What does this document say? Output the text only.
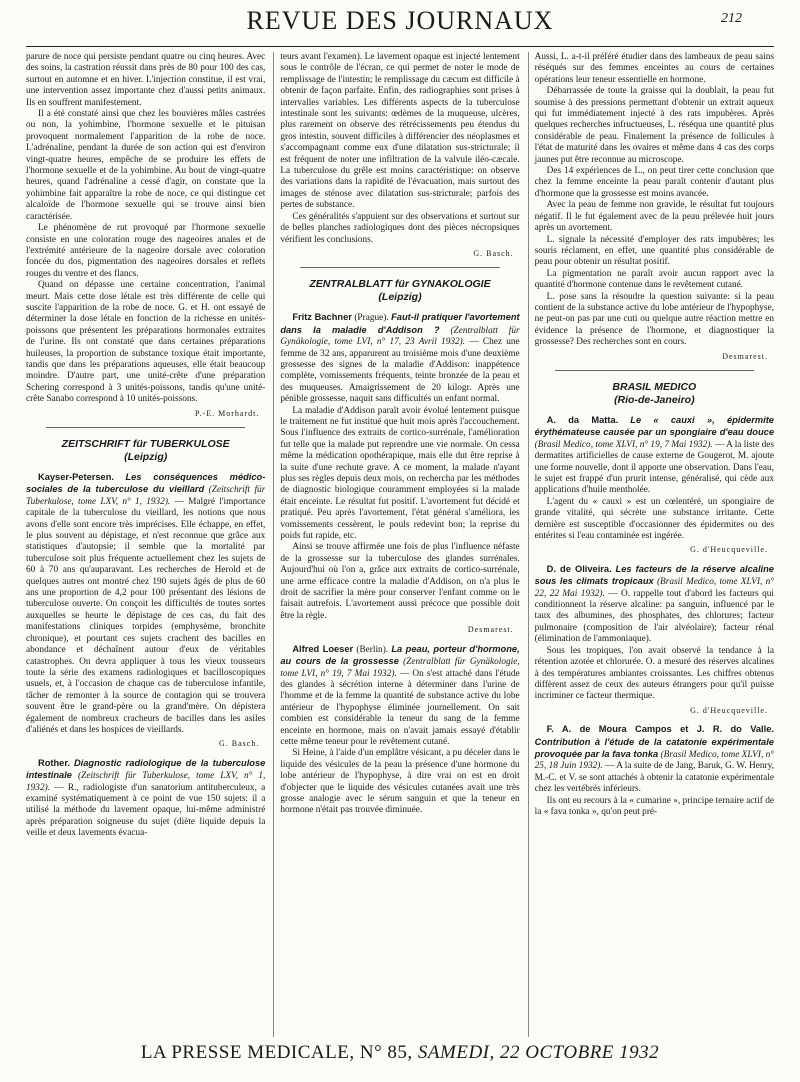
REVUE DES JOURNAUX	212

parure de noce qui persiste pendant quatre ou cinq heures. Avec des soins, la castration réussit dans près de 80 pour 100 des cas, surtout en automne et en hiver. L'injection constitue, il est vrai, une intervention assez importante chez d'aussi petits animaux. Ils en souffrent manifestement.

Il a été constaté ainsi que chez les bouvières mâles castrées ou non, la yohimbine, l'hormone sexuelle et le pituisan provoquent normalement l'apparition de la robe de noce. L'adrénaline, pendant la durée de son action qui est d'environ vingt-quatre heures, empêche de se produire les effets de l'hormone sexuelle et de la yohimbine. Au bout de vingt-quatre heures, quand l'adrénaline a cessé d'agir, on constate que la yohimbine fait apparaître la robe de noce, ce qui distingue cet alcaloïde de l'hormone sexuelle qui se trouve ainsi bien caractérisée.

Le phénomène de rut provoqué par l'hormone sexuelle consiste en une coloration rouge des nageoires anales et de l'extrémité antérieure de la nageoire dorsale avec coloration foncée du dos, pigmentation des nageoires dorsales et reflets rouges du ventre et des flancs.

Quand on dépasse une certaine concentration, l'animal meurt. Mais cette dose létale est très différente de celle qui suscite l'apparition de la robe de noce. G. et H. ont essayé de déterminer la dose létale en fonction de la richesse en unités-poissons que présentent les préparations hormonales extraites de l'urine. Ils ont constaté que dans certaines préparations huileuses, la proportion de substance toxique était importante, tandis que dans les préparations aqueuses, elle était beaucoup moindre. D'autre part, une unité-crête d'une préparation Schering correspond à 3 unités-poissons, tandis qu'une unité-crête Sanabo correspond à 10 unités-poissons.

P.-E. Morhardt.
ZEITSCHRIFT für TUBERKULOSE
(Leipzig)

Kayser-Petersen. Les conséquences médico-sociales de la tuberculose du vieillard (Zeitschrift für Tuberkulose, tome LXV, n° 1, 1932). — Malgré l'importance capitale de la tuberculose du vieillard, les notions que nous avons d'elle sont encore très imprécises. Elle échappe, en effet, le plus souvent au dépistage, et n'est reconnue que grâce aux statistiques d'autopsie; il semble que la mortalité par tuberculose soit plus fréquente actuellement chez les sujets de 60 à 70 ans qu'auparavant. Les recherches de Herold et de quelques autres ont montré chez 190 sujets âgés de plus de 60 ans une proportion de 4,2 pour 100 présentant des lésions de tuberculose ouverte. On conçoit les difficultés de toutes sortes auxquelles se heurte le dépistage de ces cas, du fait des manifestations cliniques torpides (emphysème, bronchite chronique), et pourtant ces sujets crachent des bacilles en abondance et déchaînent autour d'eux de véritables catastrophes. On devra appliquer à tous les vieux tousseurs toute la série des examens radiologiques et bacilloscopiques usuels, et, à l'occasion de chaque cas de tuberculose infantile, tâcher de remonter à la source de contagion qui se trouvera souvent être le grand-père ou la grand'mère. On dépistera également de nombreux cracheurs de bacilles dans les asiles d'aliénés et dans les hospices de vieillards.

G. Basch.

Rother. Diagnostic radiologique de la tuberculose intestinale (Zeitschrift für Tuberkulose, tome LXV, n° 1, 1932). — R., radiologiste d'un sanatorium antituberculeux, a examiné systématiquement à ce point de vue 150 sujets: il a utilisé la méthode du lavement opaque, lui-même administré après préparation soigneuse du sujet (diète liquide depuis la veille et deux lavements évacua-

teurs avant l'examen). Le lavement opaque est injecté lentement sous le contrôle de l'écran, ce qui permet de noter le mode de remplissage de l'intestin; le remplissage du cæcum est difficile à obtenir de façon parfaite. Enfin, des radiographies sont prises à intervalles variables. Les différents aspects de la tuberculose intestinale sont les suivants: œdèmes de la muqueuse, ulcères, plus rarement on observe des rétrécissements peu étendus du gros intestin, souvent difficiles à différencier des néoplasmes et s'accompagnant comme eux d'une dilatation sus-stricturale; il est fréquent de noter une infiltration de la valvule iléo-cæcale. La tuberculose du grêle est moins caractéristique: on observe des variations dans la rapidité de l'évacuation, mais surtout des images de sténose avec dilatation sus-stricturale; parfois des pertes de substance.

Ces généralités s'appuient sur des observations et surtout sur de belles planches radiologiques dont des pièces nécropsiques vérifient les conclusions.

G. Basch.
ZENTRALBLATT für GYNAKOLOGIE
(Leipzig)

Fritz Bachner (Prague). Faut-il pratiquer l'avortement dans la maladie d'Addison ? (Zentralblatt für Gynäkologie, tome LVI, n° 17, 23 Avril 1932). — Chez une femme de 32 ans, apparurent au troisième mois d'une deuxième grossesse des signes de la maladie d'Addison: inappétence complète, vomissements fréquents, teinte bronzée de la peau et des muqueuses. Amaigrissement de 20 kilogr. Après une pénible grossesse, naquit sans difficultés un enfant normal.

La maladie d'Addison paraît avoir évolué lentement puisque le traitement ne fut institué que huit mois après l'accouchement. Sous l'influence des extraits de cortico-surrénale, l'amélioration fut telle que la malade put reprendre une vie normale. On cessa même la médication opothérapique, mais elle dut être reprise à la suite d'une rechute grave. A ce moment, la malade n'ayant plus ses règles depuis deux mois, on rechercha par les méthodes de diagnostic biologique couramment employées si la malade était enceinte. Le résultat fut positif. L'avortement fut décidé et pratiqué. Peu après l'avortement, l'état général s'améliora, les vomissements cessèrent, le pouls redevint bon; la reprise du poids fut rapide, etc.

Ainsi se trouve affirmée une fois de plus l'influence néfaste de la grossesse sur la tuberculose des glandes surrénales. Aujourd'hui où l'on a, grâce aux extraits de cortico-surrénale, une arme efficace contre la maladie d'Addison, on n'a plus le droit de sacrifier la mère pour conserver l'enfant comme on le faisait autrefois. L'avortement aussi précoce que possible doit être la règle.

Desmarest.

Alfred Loeser (Berlin). La peau, porteur d'hormone, au cours de la grossesse (Zentralblatt für Gynäkologie, tome LVI, n° 19, 7 Mai 1932). — On s'est attaché dans l'étude des glandes à sécrétion interne à déterminer dans l'urine de l'homme et de la femme la quantité de substance active du lobe antérieur de l'hypophyse éliminée journellement. On sait combien est considérable la teneur du sang de la femme enceinte en hormone, mais on n'avait jamais essayé d'établir cette même teneur pour le revêtement cutané.

Si Heine, à l'aide d'un emplâtre vésicant, a pu déceler dans le liquide des vésicules de la peau la présence d'une hormone du lobe antérieur de l'hypophyse, à dire vrai on est en droit d'objecter que le liquide des vésicules cutanées avait une très grosse analogie avec le sérum sanguin et que la teneur en hormone n'était pas trouvée diminuée.

Aussi, L. a-t-il préféré étudier dans des lambeaux de peau sains réséqués sur des femmes enceintes au cours de certaines opérations leur teneur essentielle en hormone.

Débarrassée de toute la graisse qui la doublait, la peau fut soumise à des pressions permettant d'obtenir un extrait aqueux qui fut immédiatement injecté à des rats impubères. Après quelques recherches infructueuses, L. réséqua une quantité plus considérable de peau. Finalement la présence de follicules à l'état de maturité dans les ovaires et même dans 4 cas des corps jaunes put être reconnue au microscope.

Des 14 expériences de L., on peut tirer cette conclusion que chez la femme enceinte la peau paraît contenir d'autant plus d'hormone que la grossesse est moins avancée.

Avec la peau de femme non gravide, le résultat fut toujours négatif. Il le fut également avec de la peau prélevée huit jours après un avortement.

L. signale la nécessité d'employer des rats impubères; les souris réclament, en effet, une quantité plus considérable de peau pour obtenir un résultat positif.

La pigmentation ne paraît avoir aucun rapport avec la quantité d'hormone contenue dans le revêtement cutané.

L. pose sans la résoudre la question suivante: si la peau contient de la substance active du lobe antérieur de l'hypophyse, ne peut-on pas par une cuti ou quelque autre réaction mettre en évidence la présence de l'hormone, et diagnostiquer la grossesse? Des recherches sont en cours.

Desmarest.
BRASIL MEDICO
(Rio-de-Janeiro)

A. da Matta. Le « cauxi », épidermite érythémateuse causée par un spongiaire d'eau douce (Brasil Medico, tome XLVI, n° 19, 7 Mai 1932). — A la liste des dermatites artificielles de cause externe de Gougerot, M. ajoute une forme nouvelle, dont il apporte une observation. Dans l'eau, le sujet est frappé d'un prurit intense, généralisé, qui cède aux applications d'huile mentholée.

L'agent du « cauxi » est un cœlentéré, un spongiaire de grande vitalité, qui sécrète une substance irritante. Cette dernière est susceptible d'occasionner des épidermites ou des entérites si l'eau contaminée est ingérée.

G. d'Heucqueville.

D. de Oliveira. Les facteurs de la réserve alcaline sous les climats tropicaux (Brasil Medico, tome XLVI, n° 22, 22 Mai 1932). — O. rappelle tout d'abord les facteurs qui conditionnent la réserve alcaline: pa sanguin, influencé par le taux des albumines, des phosphates, des chlorures; facteur pulmonaire (composition de l'air alvéolaire); facteur rénal (élimination de l'ammoniaque).

Sous les tropiques, l'on avait observé la tendance à la rétention azotée et chlorurée. O. a mesuré des réserves alcalines à des températures ambiantes croissantes. Les chiffres obtenus diffèrent assez de ceux des auteurs étrangers pour qu'il puisse incriminer ce facteur thermique.

G. d'Heucqueville.

F. A. de Moura Campos et J. R. do Valle. Contribution à l'étude de la catatonie expérimentale provoquée par la fava tonka (Brasil Medico, tome XLVI, n° 25, 18 Juin 1932). — A la suite de de Jang, Baruk, G. W. Henry, M.-C. et V. se sont attachés à obtenir la catatonie expérimentale chez les vertébrés inférieurs.

Ils ont eu recours à la « cumarine », principe ternaire actif de la « fava tonka », qu'on peut pré-

LA PRESSE MEDICALE, N° 85, SAMEDI, 22 OCTOBRE 1932
